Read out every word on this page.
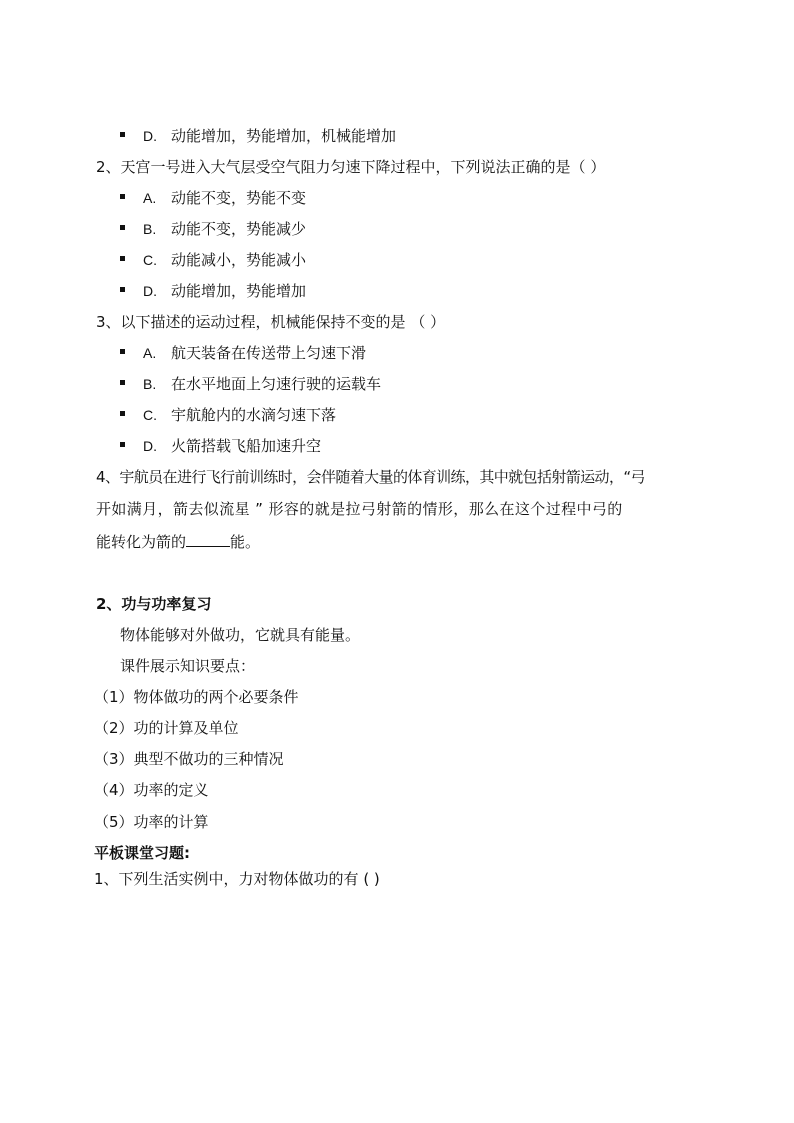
D. 动能增加，势能增加，机械能增加
2、天宫一号进入大气层受空气阻力匀速下降过程中，下列说法正确的是（ ）
A. 动能不变，势能不变
B. 动能不变，势能减少
C. 动能减小，势能减小
D. 动能增加，势能增加
3、以下描述的运动过程，机械能保持不变的是 （ ）
A. 航天装备在传送带上匀速下滑
B. 在水平地面上匀速行驶的运载车
C. 宇航舱内的水滴匀速下落
D. 火箭搭载飞船加速升空
4、宇航员在进行飞行前训练时，会伴随着大量的体育训练，其中就包括射箭运动，“弓
开如满月，箭去似流星 ” 形容的就是拉弓射箭的情形，那么在这个过程中弓的
能转化为箭的	能。
2、功与功率复习
物体能够对外做功，它就具有能量。
课件展示知识要点：
（1）物体做功的两个必要条件
（2）功的计算及单位
（3）典型不做功的三种情况
（4）功率的定义
（5）功率的计算
平板课堂习题:
1、下列生活实例中，力对物体做功的有 ( )
